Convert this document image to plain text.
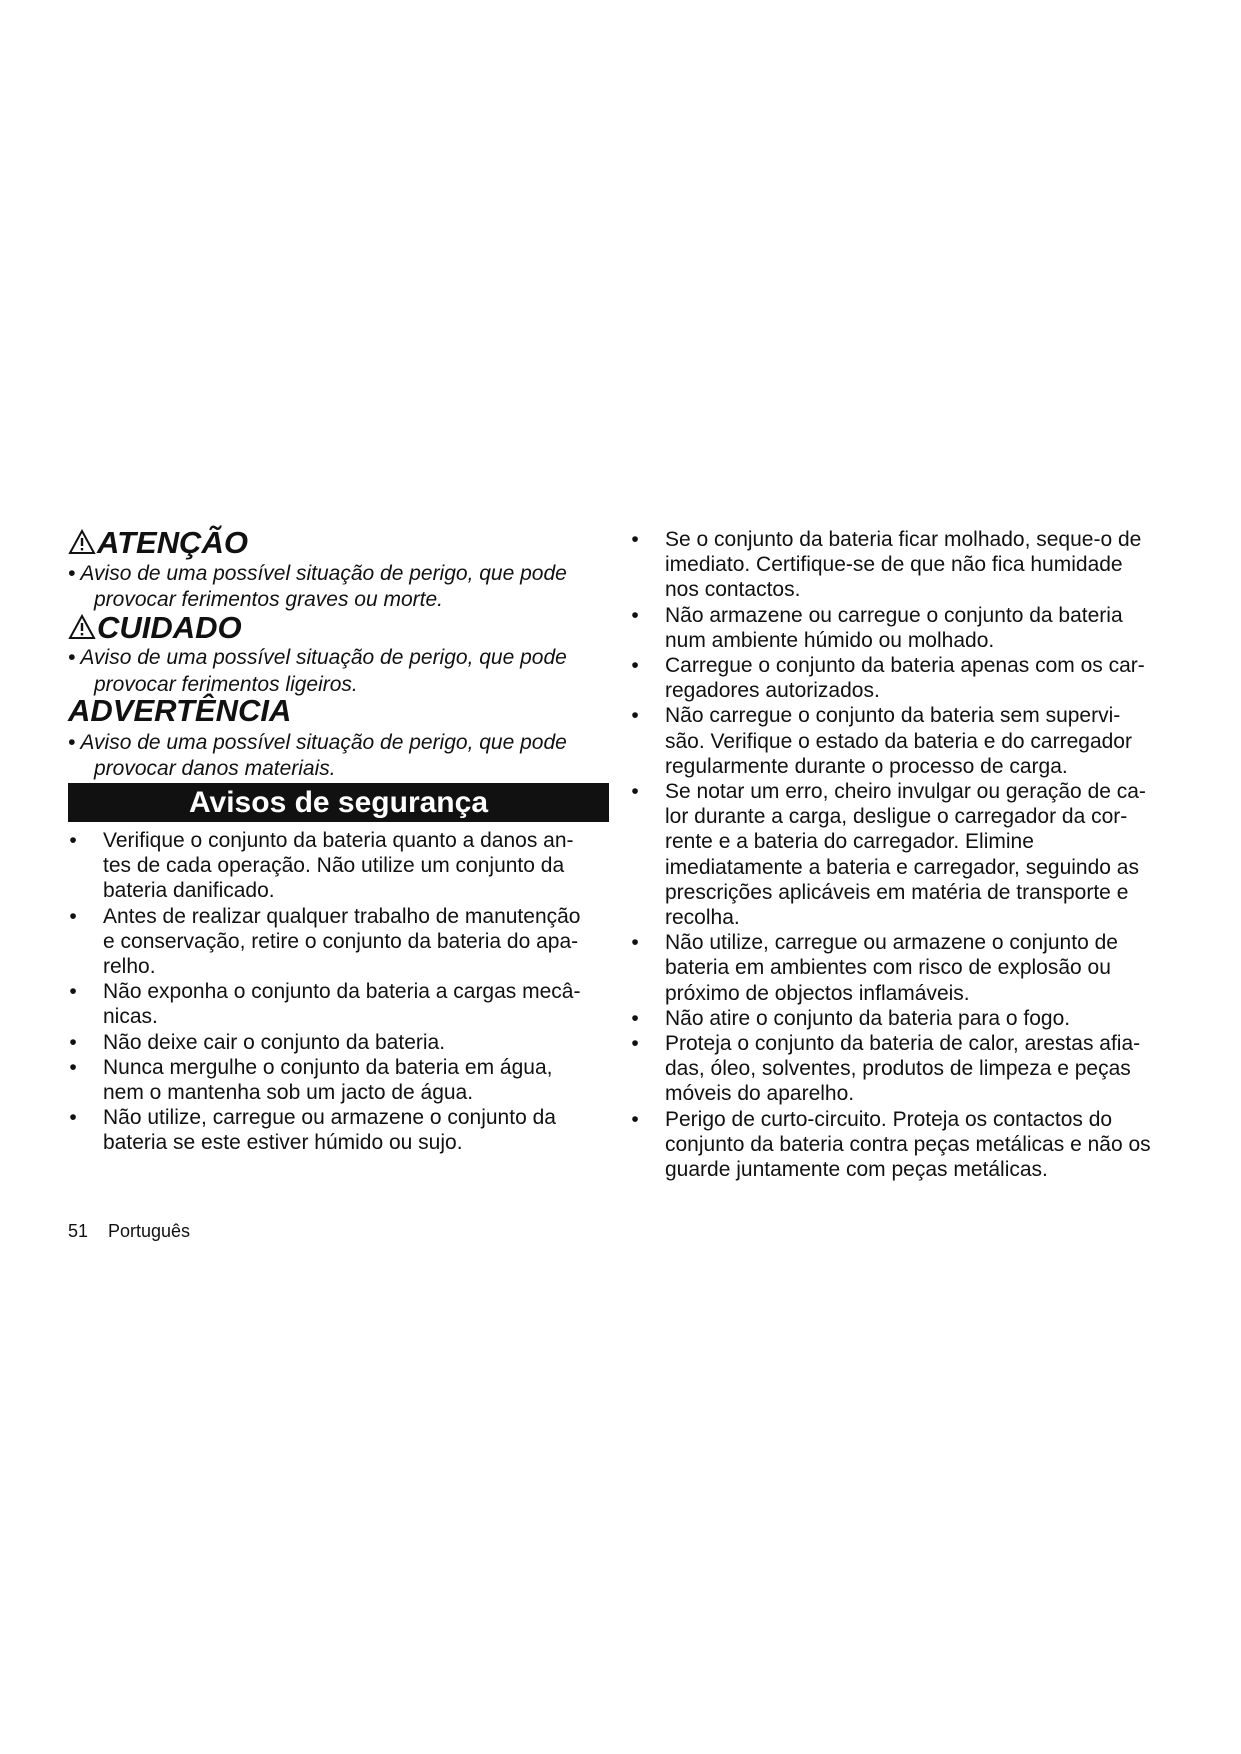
ATENÇÃO
• Aviso de uma possível situação de perigo, que pode
provocar ferimentos graves ou morte.
CUIDADO
• Aviso de uma possível situação de perigo, que pode
provocar ferimentos ligeiros.
ADVERTÊNCIA
• Aviso de uma possível situação de perigo, que pode
provocar danos materiais.
Avisos de segurança
• Verifique o conjunto da bateria quanto a danos an-
tes de cada operação. Não utilize um conjunto da
bateria danificado.
• Antes de realizar qualquer trabalho de manutenção
e conservação, retire o conjunto da bateria do apa-
relho.
• Não exponha o conjunto da bateria a cargas mecâ-
nicas.
• Não deixe cair o conjunto da bateria.
• Nunca mergulhe o conjunto da bateria em água,
nem o mantenha sob um jacto de água.
• Não utilize, carregue ou armazene o conjunto da
bateria se este estiver húmido ou sujo.
• Se o conjunto da bateria ficar molhado, seque-o de
imediato. Certifique-se de que não fica humidade
nos contactos.
• Não armazene ou carregue o conjunto da bateria
num ambiente húmido ou molhado.
• Carregue o conjunto da bateria apenas com os car-
regadores autorizados.
• Não carregue o conjunto da bateria sem supervi-
são. Verifique o estado da bateria e do carregador
regularmente durante o processo de carga.
• Se notar um erro, cheiro invulgar ou geração de ca-
lor durante a carga, desligue o carregador da cor-
rente e a bateria do carregador. Elimine
imediatamente a bateria e carregador, seguindo as
prescrições aplicáveis em matéria de transporte e
recolha.
• Não utilize, carregue ou armazene o conjunto de
bateria em ambientes com risco de explosão ou
próximo de objectos inflamáveis.
• Não atire o conjunto da bateria para o fogo.
• Proteja o conjunto da bateria de calor, arestas afia-
das, óleo, solventes, produtos de limpeza e peças
móveis do aparelho.
• Perigo de curto-circuito. Proteja os contactos do
conjunto da bateria contra peças metálicas e não os
guarde juntamente com peças metálicas.
51 Português
